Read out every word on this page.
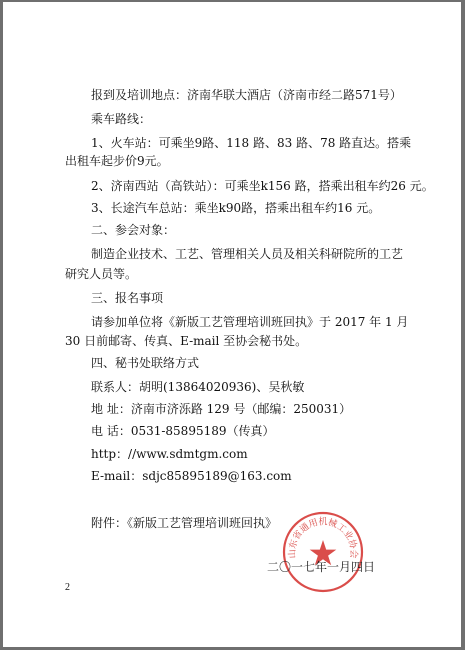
报到及培训地点：济南华联大酒店（济南市经二路571号）
乘车路线：
1、火车站：可乘坐9路、118 路、83 路、78 路直达。搭乘
出租车起步价9元。
2、济南西站（高铁站）：可乘坐k156 路，搭乘出租车约26 元。
3、长途汽车总站：乘坐k90路，搭乘出租车约16 元。
二、参会对象：
制造企业技术、工艺、管理相关人员及相关科研院所的工艺
研究人员等。
三、报名事项
请参加单位将《新版工艺管理培训班回执》于 2017 年 1 月
30 日前邮寄、传真、E-mail 至协会秘书处。
四、秘书处联络方式
联系人：胡明(13864020936)、吴秋敏
地 址：济南市济泺路 129 号（邮编：250031）
电 话：0531-85895189（传真）
http：//www.sdmtgm.com
E-mail：sdjc85895189@163.com
附件：《新版工艺管理培训班回执》
山东省通用机械工业协会
二〇一七年一月四日
2
